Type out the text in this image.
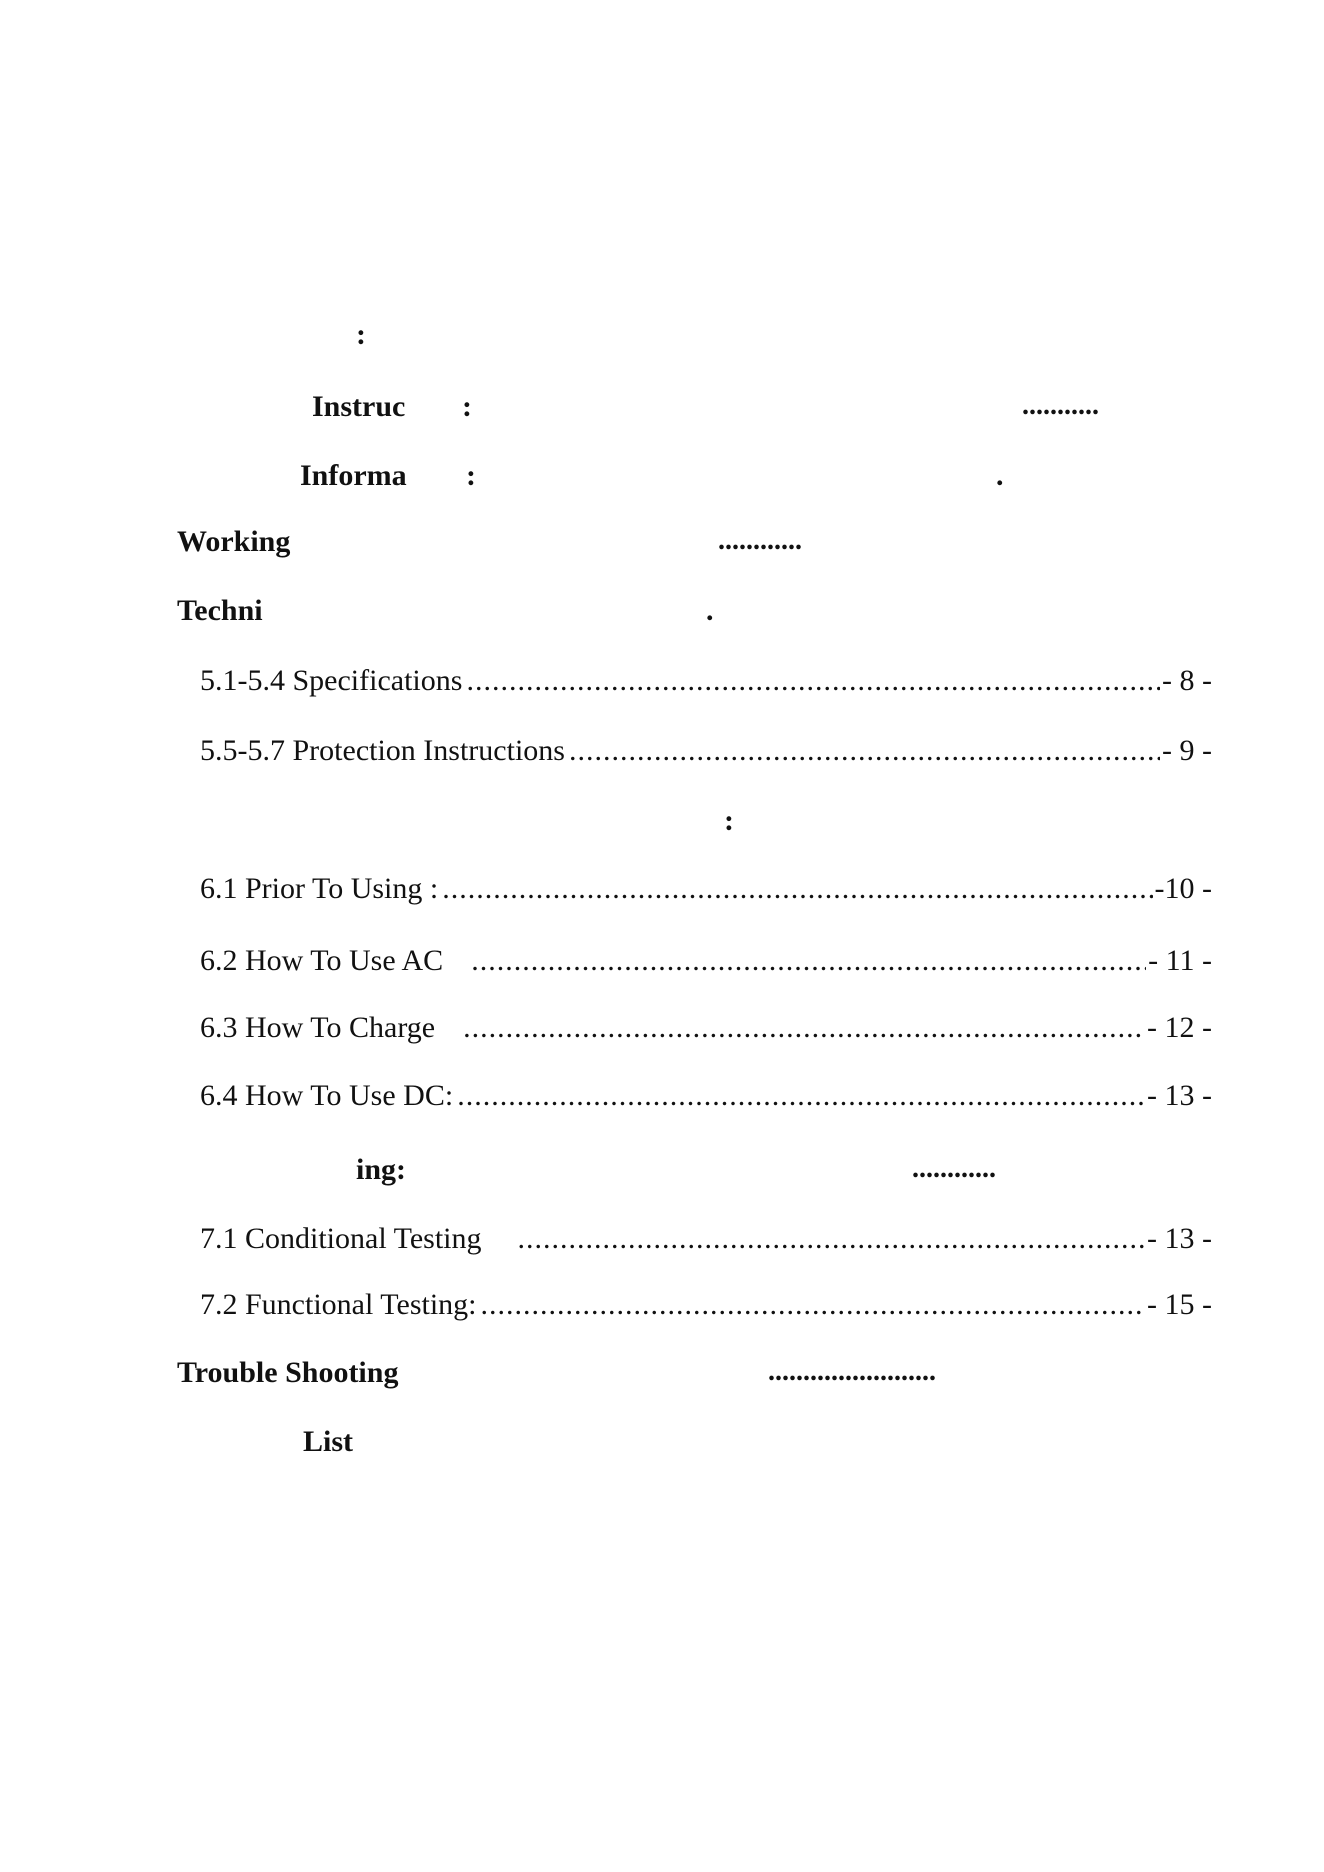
:
Instruc :	...........
Informa :	.
Working	............
Techni	.
5.1-5.4 Specifications .....	- 8 -
5.5-5.7 Protection Instructions .....	- 9 -
:
6.1 Prior To Using : .....	-10 -
6.2 How To Use AC .....	- 11 -
6.3 How To Charge .....	- 12 -
6.4 How To Use DC: .....	- 13 -
ing:	............
7.1 Conditional Testing .....	- 13 -
7.2 Functional Testing: .....	- 15 -
Trouble Shooting	........................
List
